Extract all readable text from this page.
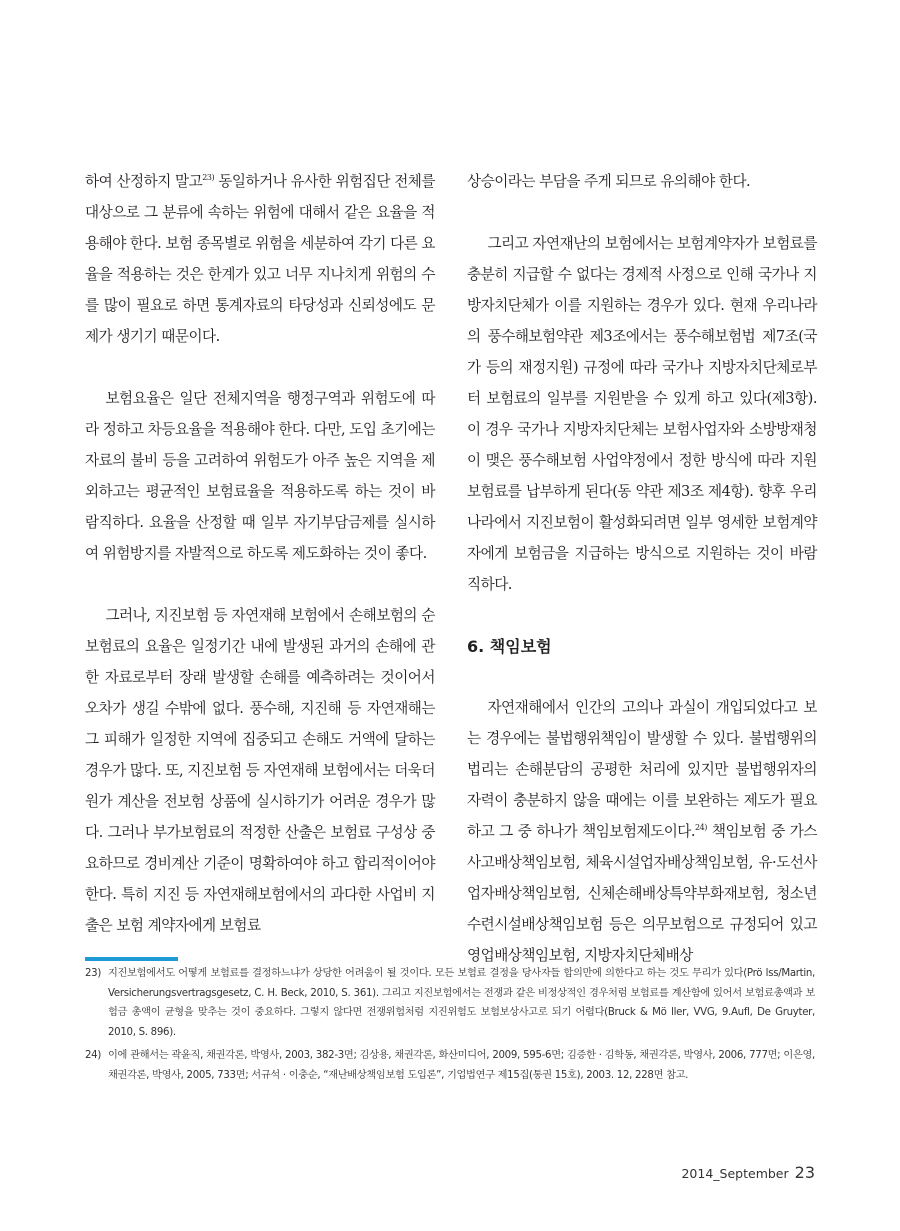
하여 산정하지 말고$^{23)}$ 동일하거나 유사한 위험집단 전체를 대상으로 그 분류에 속하는 위험에 대해서 같은 요율을 적용해야 한다. 보험 종목별로 위험을 세분하여 각기 다른 요율을 적용하는 것은 한계가 있고 너무 지나치게 위험의 수를 많이 필요로 하면 통계자료의 타당성과 신뢰성에도 문제가 생기기 때문이다.

보험요율은 일단 전체지역을 행정구역과 위험도에 따라 정하고 차등요율을 적용해야 한다. 다만, 도입 초기에는 자료의 불비 등을 고려하여 위험도가 아주 높은 지역을 제외하고는 평균적인 보험료율을 적용하도록 하는 것이 바람직하다. 요율을 산정할 때 일부 자기부담금제를 실시하여 위험방지를 자발적으로 하도록 제도화하는 것이 좋다.

그러나, 지진보험 등 자연재해 보험에서 손해보험의 순보험료의 요율은 일정기간 내에 발생된 과거의 손해에 관한 자료로부터 장래 발생할 손해를 예측하려는 것이어서 오차가 생길 수밖에 없다. 풍수해, 지진해 등 자연재해는 그 피해가 일정한 지역에 집중되고 손해도 거액에 달하는 경우가 많다. 또, 지진보험 등 자연재해 보험에서는 더욱더 원가 계산을 전보험 상품에 실시하기가 어려운 경우가 많다. 그러나 부가보험료의 적정한 산출은 보험료 구성상 중요하므로 경비계산 기준이 명확하여야 하고 합리적이어야 한다. 특히 지진 등 자연재해보험에서의 과다한 사업비 지출은 보험 계약자에게 보험료

상승이라는 부담을 주게 되므로 유의해야 한다.

그리고 자연재난의 보험에서는 보험계약자가 보험료를 충분히 지급할 수 없다는 경제적 사정으로 인해 국가나 지방자치단체가 이를 지원하는 경우가 있다. 현재 우리나라의 풍수해보험약관 제3조에서는 풍수해보험법 제7조(국가 등의 재정지원) 규정에 따라 국가나 지방자치단체로부터 보험료의 일부를 지원받을 수 있게 하고 있다(제3항). 이 경우 국가나 지방자치단체는 보험사업자와 소방방재청이 맺은 풍수해보험 사업약정에서 정한 방식에 따라 지원보험료를 납부하게 된다(동 약관 제3조 제4항). 향후 우리나라에서 지진보험이 활성화되려면 일부 영세한 보험계약자에게 보험금을 지급하는 방식으로 지원하는 것이 바람직하다.

6. 책임보험

자연재해에서 인간의 고의나 과실이 개입되었다고 보는 경우에는 불법행위책임이 발생할 수 있다. 불법행위의 법리는 손해분담의 공평한 처리에 있지만 불법행위자의 자력이 충분하지 않을 때에는 이를 보완하는 제도가 필요하고 그 중 하나가 책임보험제도이다.$^{24)}$ 책임보험 중 가스사고배상책임보험, 체육시설업자배상책임보험, 유·도선사업자배상책임보험, 신체손해배상특약부화재보험, 청소년수련시설배상책임보험 등은 의무보험으로 규정되어 있고 영업배상책임보험, 지방자치단체배상

23) 지진보험에서도 어떻게 보험료를 결정하느냐가 상당한 어려움이 될 것이다. 모든 보험료 결정을 당사자들 합의만에 의한다고 하는 것도 무리가 있다(Prö lss/Martin, Versicherungsvertragsgesetz, C. H. Beck, 2010, S. 361). 그리고 지진보험에서는 전쟁과 같은 비정상적인 경우처럼 보험료를 계산함에 있어서 보험료총액과 보험금 총액이 균형을 맞추는 것이 중요하다. 그렇지 않다면 전쟁위험처럼 지진위험도 보험보상사고로 되기 어렵다(Bruck & Mö ller, VVG, 9.Aufl, De Gruyter, 2010, S. 896).
24) 이에 관해서는 곽윤직, 채권각론, 박영사, 2003, 382-3면; 김상용, 채권각론, 화산미디어, 2009, 595-6면; 김증한 · 김학동, 채권각론, 박영사, 2006, 777면; 이은영, 채권각론, 박영사, 2005, 733면; 서규석 · 이충순, “재난배상책임보험 도입론”, 기업법연구 제15집(통권 15호), 2003. 12, 228면 참고.
2014_September 23
